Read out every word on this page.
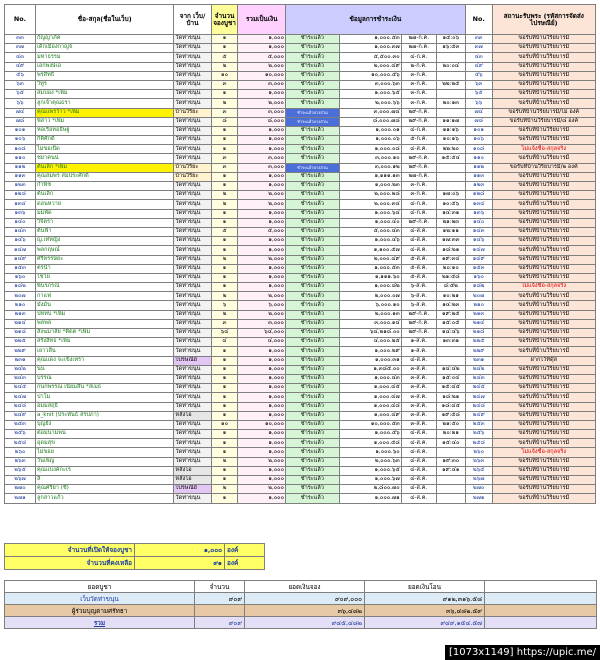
No.	ชื่อ-สกุล(ชื่อในเว็บ)	จาก เว็บ/บ้าน	จำนวน จองบูชา	รวมเป็นเงิน	ข้อมูลการชำระเงิน				No.	สถานะรับพระ (รหัสการจัดส่งไปรษณีย์)
๓๓	กัญญาภัค	วัดท่าขนุน	๑	๑,๐๐๐	ชำระแล้ว	๑,๐๐๐.๕๓	๒๗-ก.ค.	๑๕:๐๖	๓๓	ขอรับที่บ้านวิริยบารมี
๓๗	เด็กเมืองกาญจ์	วัดท่าขนุน	๑	๑,๐๐๐	ชำระแล้ว	๑,๐๐๐.๓๗	๒๗-ก.ค.	๑๖:๕๓	๓๗	ขอรับที่บ้านวิริยบารมี
๔๓	มหาธรรม	วัดท่าขนุน	๕	๕,๐๐๐	ชำระแล้ว	๕,๕๐๐.๓๐	๔-ก.ค.		๔๓	ขอรับที่บ้านวิริยบารมี
๔๙	เอกพงษ์เอ	วัดท่าขนุน	๒	๒,๐๐๐	ชำระแล้ว	๒,๐๐๐.๔๙	๒-ก.ค.	๒๐:๐๔	๔๙	ขอรับที่บ้านวิริยบารมี
๕๖	พรสิทธิ์	วัดท่าขนุน	๑๐	๑๐,๐๐๐	ชำระแล้ว	๑๐,๐๐๐.๕๖	๓-ก.ค.		๕๖	ขอรับที่บ้านวิริยบารมี
๖๓	วิทูร	วัดท่าขนุน	๓	๓,๐๐๐	ชำระแล้ว	๓,๐๐๐.๖๓	๓-ก.ค.	๒๒:๒๕	๖๓	ขอรับที่บ้านวิริยบารมี
๖๕	สมปอง *เพิ่ม	วัดท่าขนุน	๑	๑,๐๐๐	ชำระแล้ว	๑,๐๐๐.๖๕	๓-ก.ค.		๖๕	ขอรับที่บ้านวิริยบารมี
๖๖	ลูกเจ้าคุณธรา	วัดท่าขนุน	๒	๒,๐๐๐	ชำระแล้ว	๒,๐๐๐.๖๖	๓-ก.ค.	๒๐:๑๓	๖๖	ขอรับที่บ้านวิริยบารมี
๗๔	คุณแพรว้าว *เพิ่ม	บ้านวิริยะ	๓	๓,๐๐๐	ชำระแล้วบางส่วน	๓,๐๐๐.๗๔	๒๙-ก.ค.		๗๔	ขอรับที่บ้านวิริยบารมี/ไม่ องค์
๗๘	พี่สาว *เพิ่ม	วัดท่าขนุน	๘	๘,๐๐๐	ชำระแล้วบางส่วน	๘,๐๐๐.๗๘	๒๙-ก.ค.	๑๑:๑๗	๗๘	ขอรับที่บ้านวิริยบารมี/๘ องค์
๑๐๑	หอเรือทอธิษฐ	วัดท่าขนุน	๑	๑,๐๐๐	ชำระแล้ว	๑,๐๐๐.๐๑	๔-ก.ค.	๑๑:๑๖	๑๐๑	ขอรับที่บ้านวิริยบารมี
๑๐๖	กิติศักดิ์	วัดท่าขนุน	๑	๑,๐๐๐	ชำระแล้ว	๑,๐๐๐.๐๖	๕-ก.ค.	๑๐:๑๖	๑๐๖	ขอรับที่บ้านวิริยบารมี
๑๐๘	ไม่ขอเปิด	วัดท่าขนุน	๑	๑,๐๐๐	ชำระแล้ว	๑,๐๐๐.๐๘	๔-ส.ค.	๒๒:๒๐	๑๐๘	ไม่แจ้งชื่อ-สกุลจริง
๑๑๐	ชยาคนน่	วัดท่าขนุน	๓	๓,๐๐๐	ชำระแล้ว	๓,๐๐๐.๑๐	๒๙-ก.ค.	๑๕:๕๔	๑๑๐	ขอรับที่บ้านวิริยบารมี
๑๑๒	ต้นเล็ก *เพิ่ม	บ้านวิริยะ	๓	๓,๐๐๐	ชำระแล้วบางส่วน	๓,๐๐๐.๑๒	๒๙-ก.ค.		๑๑๒	ขอรับที่บ้านวิริยบารมี/๒ องค์
๑๑๓	คุณสมพร สมประศักดิ์	บ้านวิริยะ	๑	๑,๐๐๐	ชำระแล้ว	๑,๑๑๑.๑๓	๒๗-ก.ค.		๑๑๓	ขอรับที่บ้านวิริยบารมี
๑๒๓	กำพืช	วัดท่าขนุน	๑	๑,๐๐๐	ชำระแล้ว	๑,๐๐๐.๒๓	๓-ก.ค.		๑๒๓	ขอรับที่บ้านวิริยบารมี
๑๒๘	ต้นเล็ก	วัดท่าขนุน	๒	๒,๐๐๐	ชำระแล้ว	๒,๐๐๐.๒๘	๓-ก.ค.	๑๗:๐๖	๑๒๘	ขอรับที่บ้านวิริยบารมี
๑๓๔	ดอนหวาย	วัดท่าขนุน	๒	๒,๐๐๐	ชำระแล้ว	๒,๐๐๐.๓๔	๔-ก.ค.	๑๐:๕๖	๑๓๔	ขอรับที่บ้านวิริยบารมี
๑๓๖	มมพัด	วัดท่าขนุน	๑	๑,๐๐๐	ชำระแล้ว	๑,๐๐๐.๖๔	๔-ก.ค.	๑๔:๓๑	๑๓๖	ขอรับที่บ้านวิริยบารมี
๑๔๐	วิจิตรา	วัดท่าขนุน	๑	๑,๐๐๐	ชำระแล้ว	๑,๐๐๐.๔๐	๒๙-ก.ค.	๒๑:๒๓	๑๔๐	ขอรับที่บ้านวิริยบารมี
๑๔๓	ต้นฟ้า	วัดท่าขนุน	๕	๕,๐๐๐	ชำระแล้ว	๕,๐๐๐.๔๓	๔-ส.ค.	๑๒:๑๑	๑๔๓	ขอรับที่บ้านวิริยบารมี
๑๔๖	ญ.เท่หญิง	วัดท่าขนุน	๑	๑,๐๐๐	ชำระแล้ว	๑,๐๐๐.๔๖	๔-ส.ค.	๑๗:๓๓	๑๔๖	ขอรับที่บ้านวิริยบารมี
๑๔๗	พลกฤษณ์	วัดท่าขนุน	๑	๑,๐๐๐	ชำระแล้ว	๑,๑๐๐.๕๗	๔-ส.ค.	๑๘:๒๑	๑๔๗	ขอรับที่บ้านวิริยบารมี
๑๔๙	ศรีหรรษ์ยะ	วัดท่าขนุน	๒	๒,๐๐๐	ชำระแล้ว	๒,๐๐๐.๔๙	๕-ส.ค.	๑๙:๓๔	๑๔๙	ขอรับที่บ้านวิริยบารมี
๑๕๓	ตรน้ำ	วัดท่าขนุน	๑	๑,๐๐๐	ชำระแล้ว	๑,๐๐๐.๕๓	๕-ส.ค.	๒๐:๑๐	๑๕๓	ขอรับที่บ้านวิริยบารมี
๑๖๐	ไชโย	วัดท่าขนุน	๑	๑,๐๐๐	ชำระแล้ว	๑,๑๑๑.๖๐	๕-ส.ค.	๒๑:๕๘	๑๖๐	ขอรับที่บ้านวิริยบารมี
๑๘๒	พีนรภรณ์	วัดท่าขนุน	๑	๑,๐๐๐	ชำระแล้ว	๑,๐๐๐.๘๒	๖-ส.ค.	๘:๕๒	๑๘๒	ไม่แจ้งชื่อ-สกุลจริง
๒๐๗	กาแฟ	วัดท่าขนุน	๒	๒,๐๐๐	ชำระแล้ว	๒,๐๐๐.๐๗	๖-ส.ค.	๑๐:๒๑	๒๐๗	ขอรับที่บ้านวิริยบารมี
๒๑๐	มังมัน	วัดท่าขนุน	๖	๖,๐๐๐	ชำระแล้ว	๖,๐๐๐.๑๐	๖-ส.ค.	๑๔:๒๓	๒๑๐	ขอรับที่บ้านวิริยบารมี
๒๑๓	ปหทบ *เพิ่ม	วัดท่าขนุน	๒	๒,๐๐๐	ชำระแล้ว	๒,๐๐๐.๑๓	๒๙-ก.ค.	๑๙:๒๕	๒๑๓	ขอรับที่บ้านวิริยบารมี
๒๑๔	พลพล	วัดท่าขนุน	๓	๓,๐๐๐	ชำระแล้ว	๓,๐๐๐.๑๔	๒๙-ก.ค.	๑๕:๐๕	๒๑๔	ขอรับที่บ้านวิริยบารมี
๒๑๘	สังฆมาลัย *ติดต *เพิ่ม	วัดท่าขนุน	๖๔	๖๔,๐๐๐	ชำระแล้ว	๖๔,๒๑๘.๐๐	๒๙-ก.ค.	๑๔:๔๖	๒๑๘	ขอรับที่บ้านวิริยบารมี
๒๒๕	สรังสิทธ *เพิ่ม	วัดท่าขนุน	๔	๔,๐๐๐	ชำระแล้ว	๔,๐๐๐.๒๕	๑-ส.ค.	๑๓:๓๑	๒๒๕	ขอรับที่บ้านวิริยบารมี
๒๒๙	เยาวลีน	วัดท่าขนุน	๑	๑,๐๐๐	ชำระแล้ว	๑,๐๐๐.๒๙	๑-ส.ค.		๒๒๙	ขอรับที่บ้านวิริยบารมี
๒๓๑	คุณแดง จะเข็งเทรา	ไปรษณีย์	๑	๑,๐๐๐	ชำระแล้ว	๑,๐๐๐.๓๑	๔-ส.ค.		๒๓๑	ฝากไว้ที่ดุ๊ส
๒๔๒	นน	วัดท่าขนุน	๑	๑,๐๐๐	ชำระแล้ว	๑,๓๘๕.๐๐	๓-ส.ค.	๑๔:๔๒	๒๔๒	ขอรับที่บ้านวิริยบารมี
๒๔๓	บรรณ	วัดท่าขนุน	๑	๑,๐๐๐	ชำระแล้ว	๑,๐๐๐.๔๓	๓-ส.ค.	๑๕:๐๔	๒๔๓	ขอรับที่บ้านวิริยบารมี
๒๔๕	กนกพรรณ เนียมสิน *สเมธ	วัดท่าขนุน	๑	๑,๐๐๐	ชำระแล้ว	๑,๐๐๐.๔๕	๓-ส.ค.	๑๕:๔๕	๒๔๕	ขอรับที่บ้านวิริยบารมี
๒๔๗	ปาโม	วัดท่าขนุน	๑	๑,๐๐๐	ชำระแล้ว	๑,๐๐๐.๔๗	๓-ส.ค.	๑๘:๒๑	๒๔๗	ขอรับที่บ้านวิริยบารมี
๒๔๘	อมมสฤธิ	วัดท่าขนุน	๑	๑,๐๐๐	ชำระแล้ว	๑,๐๐๐.๔๘	๓-ส.ค.	๑๘:๔๕	๒๔๘	ขอรับที่บ้านวิริยบารมี
๒๔๙	a_knit (ประพันธ์ สรปภา)	หลังโอ	๑	๑,๐๐๐	ชำระแล้ว	๑,๐๐๐.๔๙	๓-ส.ค.	๑๙:๕๘	๒๔๙	ขอรับที่บ้านวิริยบารมี
๒๕๓	บุญยั่ง	วัดท่าขนุน	๑๐	๑๐,๐๐๐	ชำระแล้ว	๑๐,๐๐๐.๕๓	๓-ส.ค.	๒๑:๕๐	๒๕๓	ขอรับที่บ้านวิริยบารมี
๒๕๖	ต่อมนามพน	วัดท่าขนุน	๑	๑,๐๐๐	ชำระแล้ว	๑,๐๐๐.๕๖	๔-ส.ค.	๒๐:๒๑	๒๕๖	ขอรับที่บ้านวิริยบารมี
๒๕๘	อุดมสุข	วัดท่าขนุน	๑	๑,๐๐๐	ชำระแล้ว	๑,๐๐๐.๕๘	๔-ส.ค.	๑๕:๔๐	๒๕๘	ขอรับที่บ้านวิริยบารมี
๒๖๐	ไม่ขอย	วัดท่าขนุน	๑	๑,๐๐๐	ชำระแล้ว	๑,๐๐๐.๖๐	๔-ส.ค.		๒๖๐	ไม่แจ้งชื่อ-สกุลจริง
๒๖๓	วันเพ็ญ	วัดท่าขนุน	๒	๒,๐๐๐	ชำระแล้ว	๒,๐๐๐.๖๓	๔-ส.ค.	๑๙:๓๐	๒๖๓	ขอรับที่บ้านวิริยบารมี
๒๖๕	คุณแบงค์กะเร	หลังโอ	๑	๑,๐๐๐	ชำระแล้ว	๑,๐๐๐.๖๕	๔-ส.ค.	๑๙:๔๑	๒๖๕	ขอรับที่บ้านวิริยบารมี
๒๖๗	ลี	หลังโอ	๑	๑,๐๐๐	ชำระแล้ว	๑,๐๐๐.๖๗	๔-ส.ค.		๒๖๗	ขอรับที่บ้านวิริยบารมี
๒๗๐	คุณศรียา (ชี)	ไปรษณีย์	๒	๒,๐๐๐	ชำระแล้ว	๒,๘๐๐.๗๐	๔-ส.ค.		๒๗๐	ขอรับที่บ้านวิริยบารมี
๒๗๑	ลูกสาวแก้ว	วัดท่าขนุน	๑	๑,๐๐๐	ชำระแล้ว	๑,๐๐๐.๗๑	๔-ส.ค.		๒๗๑	ขอรับที่บ้านวิริยบารมี
จำนวนที่เปิดให้จองบูชา	๑,๐๐๐	องค์
จำนวนที่คงเหลือ	๙๑	องค์
ยอดบูชา	จำนวน	ยอดเงินจอง	ยอดเงินโอน	
เว็บวัดท่าขนุน	๙๐๙	๙๐๙,๐๐๐	๙๑๒,๓๑๖.๕๘	
ผู้ร่วมบุญตามศรัทธา		๓๖,๔๘๒	๓๖,๔๘๒.๕๙	
รวม	๙๐๙	๙๔๕,๔๘๒	๙๔๙,๑๕๔.๕๗	
[1073x1149] https://upic.me/
